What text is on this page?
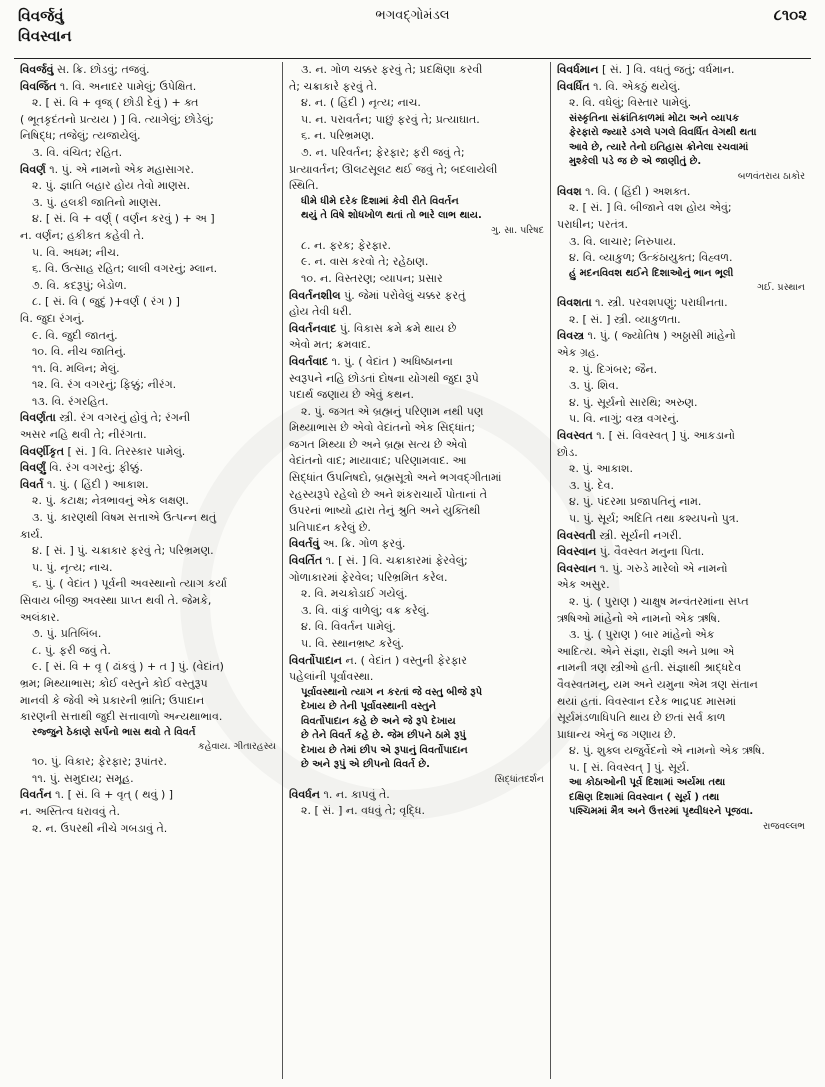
વિવર્જવું
વિવસ્વાન
ભગવદ્ગોમંડલ	૮૧૦૨
વિવર્જવું સ. ક્રિ. છોડવું; તજવું.
વિવર્જિત ૧. વિ. અનાદર પામેલું; ઉપેક્ષિત.
૨. [ સં. વિ + વૃજ્ ( છોડી દેવું ) + ક્ત
( ભૂતકૃદંતનો પ્રત્યય ) ] વિ. ત્યાગેલું; છોડેલું;
નિષિદ્ધ; તજેલું; ત્યજાયેલું.
૩. વિ. વંચિત; રહિત.
વિવર્ણ ૧. પું. એ નામનો એક મહાસાગર.
૨. પું. જ્ઞાતિ બહાર હોય તેવો માણસ.
૩. પું. હલકી જાતિનો માણસ.
૪. [ સં. વિ + વર્ણ્ ( વર્ણન કરવું ) + અ ]
ન. વર્ણન; હકીકત કહેવી તે.
૫. વિ. અધમ; નીચ.
૬. વિ. ઉત્સાહ રહિત; લાલી વગરનું; મ્લાન.
૭. વિ. કદરૂપું; બેડોળ.
૮. [ સં. વિ ( જુદું )+વર્ણ ( રંગ ) ]
વિ. જુદા રંગનું.
૯. વિ. જુદી જાતનું.
૧૦. વિ. નીચ જાતિનું.
૧૧. વિ. મલિન; મેલું.
૧૨. વિ. રંગ વગરનું; ફિક્કું; નીરંગ.
૧૩. વિ. રંગરહિત.
વિવર્ણતા સ્ત્રી. રંગ વગરનું હોવું તે; રંગની
અસર નહિ થવી તે; નીરંગતા.
વિવર્ણીકૃત [ સં. ] વિ. તિરસ્કાર પામેલું.
વિવર્ણું વિ. રંગ વગરનું; ફીક્કું.
વિવર્ત ૧. પું. ( હિંદી ) આકાશ.
૨. પું. કટાક્ષ; નેત્રભાવનું એક લક્ષણ.
૩. પું. કારણથી વિષમ સત્તાએ ઉત્પન્ન થતું
કાર્ય.
૪. [ સં. ] પું. ચક્રાકાર ફરવું તે; પરિભ્રમણ.
૫. પું. નૃત્ય; નાચ.
૬. પું. ( વેદાંત ) પૂર્વની અવસ્થાનો ત્યાગ કર્યા
સિવાય બીજી અવસ્થા પ્રાપ્ત થવી તે. જેમકે,
અલંકાર.
૭. પું. પ્રતિબિંબ.
૮. પું. ફરી જવું તે.
૯. [ સં. વિ + વૃ ( ઢાંકવું ) + ત ] પું. (વેદાંત)
ભ્રમ; મિથ્યાભાસ; કોઈ વસ્તુને કોઈ વસ્તુરૂપ
માનવી કે જેવી એ પ્રકારની ભ્રાંતિ; ઉપાદાન
કારણની સત્તાથી જુદી સત્તાવાળો અન્યથાભાવ.
રજ્જુને ઠેકાણે સર્પનો ભાસ થવો તે વિવર્ત
કહેવાય. ગીતારહસ્ય
૧૦. પું. વિકાર; ફેરફાર; રૂપાંતર.
૧૧. પું. સમુદાય; સમૂહ.
વિવર્તન ૧. [ સં. વિ + વૃત્ ( થવું ) ]
ન. અસ્તિત્વ ધરાવવું તે.
૨. ન. ઉપરથી નીચે ગબડાવું તે.
૩. ન. ગોળ ચક્કર ફરવું તે; પ્રદક્ષિણા કરવી
તે; ચક્રાકારે ફરવું તે.
૪. ન. ( હિંદી ) નૃત્ય; નાચ.
૫. ન. પરાવર્તન; પાછું ફરવું તે; પ્રત્યાઘાત.
૬. ન. પરિભ્રમણ.
૭. ન. પરિવર્તન; ફેરફાર; ફરી જવું તે;
પ્રત્યાવર્તન; ઊલટસૂલટ થઈ જવું તે; બદલાયેલી
સ્થિતિ.
ધીમે ધીમે દરેક દિશામાં કેવી રીતે વિવર્તન
થયું તે વિષે શોધખોળ થતાં તો ભારે લાભ થાય.
ગુ. સા. પરિષદ
૮. ન. ફરક; ફેરફાર.
૯. ન. વાસ કરવો તે; રહેઠાણ.
૧૦. ન. વિસ્તરણ; વ્યાપન; પ્રસાર
વિવર્તનશીલ પું. જેમાં પરોવેલું ચક્કર ફરતું
હોય તેવી ધરી.
વિવર્તનવાદ પું. વિકાસ ક્રમે ક્રમે થાય છે
એવો મત; ક્રમવાદ.
વિવર્તવાદ ૧. પું. ( વેદાંત ) અધિષ્ઠાનના
સ્વરૂપને નહિ છોડતાં દોષના યોગથી જુદા રૂપે
પદાર્થ જણાય છે એવું કથન.
૨. પું. જગત એ બ્રહ્મનું પરિણામ નથી પણ
મિથ્યાભાસ છે એવો વેદાંતનો એક સિદ્ધાંત;
જગત મિથ્યા છે અને બ્રહ્મ સત્ય છે એવો
વેદાંતનો વાદ; માયાવાદ; પરિણામવાદ. આ
સિદ્ધાંત ઉપનિષદો, બ્રહ્મસૂત્રો અને ભગવદ્ગીતામાં
રહસ્યરૂપે રહેલો છે અને શંકરાચાર્યે પોતાનાં તે
ઉપરનાં ભાષ્યો દ્વારા તેનું શ્રુતિ અને યુક્તિથી
પ્રતિપાદન કરેલું છે.
વિવર્તવું અ. ક્રિ. ગોળ ફરવું.
વિવર્તિત ૧. [ સં. ] વિ. ચક્રાકારમાં ફેરવેલું;
ગોળાકારમાં ફેરવેલ; પરિભ્રમિત કરેલ.
૨. વિ. મચકોડાઈ ગયેલું.
૩. વિ. વાંકું વાળેલું; વક્ર કરેલું.
૪. વિ. વિવર્તન પામેલું.
૫. વિ. સ્થાનભ્રષ્ટ કરેલું.
વિવર્તોપાદાન ન. ( વેદાંત ) વસ્તુની ફેરફાર
પહેલાંની પૂર્વાવસ્થા.
પૂર્વાવસ્થાનો ત્યાગ ન કરતાં જે વસ્તુ બીજે રૂપે
દેખાય છે તેની પૂર્વાવસ્થાની વસ્તુને
વિવર્તોપાદાન કહે છે અને જે રૂપે દેખાય
છે તેને વિવર્ત કહે છે. જેમ છીપને ઠામે રૂપું
દેખાય છે તેમાં છીપ એ રૂપાનું વિવર્તોપાદાન
છે અને રૂપું એ છીપનો વિવર્ત છે.
સિદ્ધાંતદર્શન
વિવર્ધન ૧. ન. કાપવું તે.
૨. [ સં. ] ન. વધવું તે; વૃદ્ધિ.
વિવર્ધમાન [ સં. ] વિ. વધતું જતું; વર્ધમાન.
વિવર્ધિત ૧. વિ. એકઠું થયેલું.
૨. વિ. વધેલું; વિસ્તાર પામેલું.
સંસ્કૃતિના સંક્રાંતિકાળમાં મોટા અને વ્યાપક
ફેરફારો જ્યારે ડગલે પગલે વિવર્ધિત વેગથી થતા
આવે છે, ત્યારે તેનો ઇતિહાસ ક્રોનેલા રચવામાં
મુશ્કેલી પડે જ છે એ જાણીતું છે.
બળવંતરાય ઠાકોર
વિવશ ૧. વિ. ( હિંદી ) અશક્ત.
૨. [ સં. ] વિ. બીજાને વશ હોય એવું;
પરાધીન; પરતંત્ર.
૩. વિ. લાચાર; નિરુપાય.
૪. વિ. વ્યાકુળ; ઉત્કંઠાયુક્ત; વિહ્વળ.
હું મદનવિવશ થઈને દિશાઓનું ભાન ભૂલી
ગઈ. પ્રસ્થાન
વિવશતા ૧. સ્ત્રી. પરવશપણું; પરાધીનતા.
૨. [ સં. ] સ્ત્રી. વ્યાકુળતા.
વિવસ્ત્ર ૧. પું. ( જ્યોતિષ ) અઠ્ઠાસી માંહેનો
એક ગ્રહ.
૨. પું. દિગંબર; જૈન.
૩. પું. શિવ.
૪. પું. સૂર્યનો સારથિ; અરુણ.
૫. વિ. નાગું; વસ્ત્ર વગરનું.
વિવસ્વત ૧. [ સં. વિવસ્વત્ ] પું. આકડાનો
છોડ.
૨. પું. આકાશ.
૩. પું. દેવ.
૪. પું. પંદરમા પ્રજાપતિનું નામ.
૫. પું. સૂર્ય; અદિતિ તથા કશ્યપનો પુત્ર.
વિવસ્વતી સ્ત્રી. સૂર્યની નગરી.
વિવસ્વાન પું. વૈવસ્વત મનુના પિતા.
વિવસ્વાન ૧. પું. ગરુડે મારેલો એ નામનો
એક અસુર.
૨. પું. ( પુરાણ ) ચાક્ષુષ મન્વંતરમાંના સપ્ત
ઋષિઓ માંહેનો એ નામનો એક ઋષિ.
૩. પું. ( પુરાણ ) બાર માંહેનો એક
આદિત્ય. એને સંજ્ઞા, રાજ્ઞી અને પ્રભા એ
નામની ત્રણ સ્ત્રીઓ હતી. સંજ્ઞાથી શ્રાદ્ધદેવ
વૈવસ્વતમનુ, યમ અને યમુના એમ ત્રણ સંતાન
થયાં હતાં. વિવસ્વાન દરેક ભાદ્રપદ માસમાં
સૂર્યમંડળાધિપતિ થાય છે છતાં સર્વ કાળ
પ્રાધાન્ય એનું જ ગણાય છે.
૪. પું. શુક્લ યજુર્વેદનો એ નામનો એક ઋષિ.
૫. [ સં. વિવસ્વત્ ] પું. સૂર્ય.
આ કોઠાઓની પૂર્વ દિશામાં અર્યમા તથા
દક્ષિણ દિશામાં વિવસ્વાન ( સૂર્ય ) તથા
પશ્ચિમમાં મૈત્ર અને ઉત્તરમાં પૃથ્વીધરને પૂજવા.
રાજવલ્લભ
